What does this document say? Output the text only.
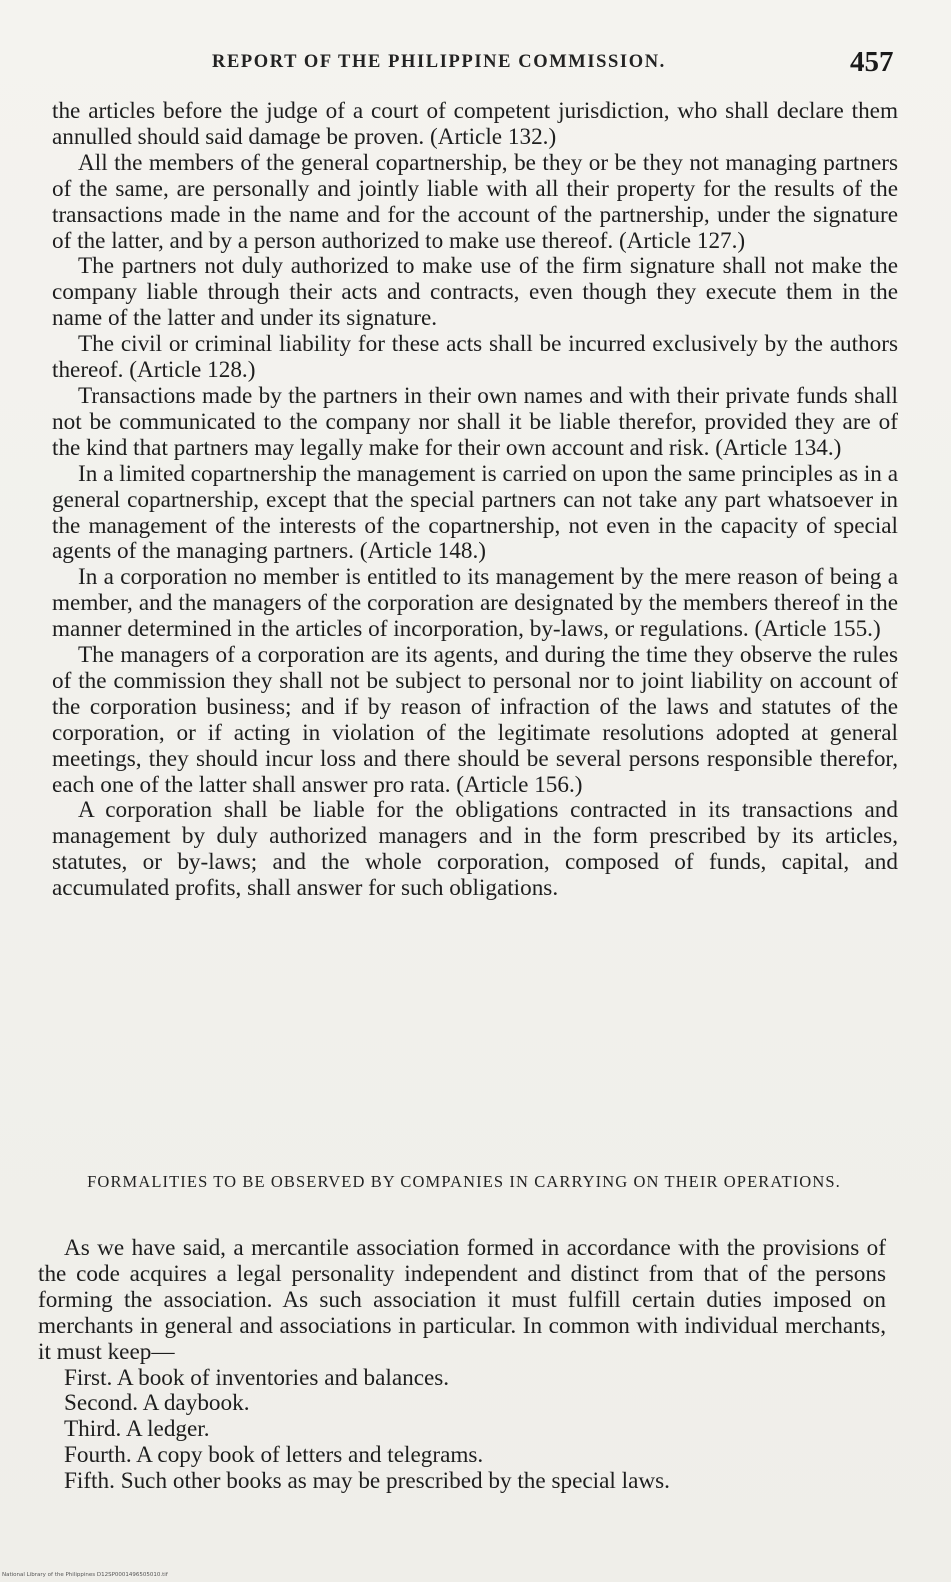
REPORT OF THE PHILIPPINE COMMISSION.	457

the articles before the judge of a court of competent jurisdiction, who shall declare them annulled should said damage be proven. (Article 132.)

All the members of the general copartnership, be they or be they not managing partners of the same, are personally and jointly liable with all their property for the results of the transactions made in the name and for the account of the partnership, under the signature of the latter, and by a person authorized to make use thereof. (Article 127.)

The partners not duly authorized to make use of the firm signature shall not make the company liable through their acts and contracts, even though they execute them in the name of the latter and under its signature.

The civil or criminal liability for these acts shall be incurred exclusively by the authors thereof. (Article 128.)

Transactions made by the partners in their own names and with their private funds shall not be communicated to the company nor shall it be liable therefor, provided they are of the kind that partners may legally make for their own account and risk. (Article 134.)

In a limited copartnership the management is carried on upon the same principles as in a general copartnership, except that the special partners can not take any part whatsoever in the management of the interests of the copartnership, not even in the capacity of special agents of the managing partners. (Article 148.)

In a corporation no member is entitled to its management by the mere reason of being a member, and the managers of the corporation are designated by the members thereof in the manner determined in the articles of incorporation, by-laws, or regulations. (Article 155.)

The managers of a corporation are its agents, and during the time they observe the rules of the commission they shall not be subject to personal nor to joint liability on account of the corporation business; and if by reason of infraction of the laws and statutes of the corporation, or if acting in violation of the legitimate resolutions adopted at general meetings, they should incur loss and there should be several persons responsible therefor, each one of the latter shall answer pro rata. (Article 156.)

A corporation shall be liable for the obligations contracted in its transactions and management by duly authorized managers and in the form prescribed by its articles, statutes, or by-laws; and the whole corporation, composed of funds, capital, and accumulated profits, shall answer for such obligations.

FORMALITIES TO BE OBSERVED BY COMPANIES IN CARRYING ON THEIR OPERATIONS.

As we have said, a mercantile association formed in accordance with the provisions of the code acquires a legal personality independent and distinct from that of the persons forming the association. As such association it must fulfill certain duties imposed on merchants in general and associations in particular. In common with individual merchants, it must keep—

First. A book of inventories and balances.
Second. A daybook.
Third. A ledger.
Fourth. A copy book of letters and telegrams.
Fifth. Such other books as may be prescribed by the special laws.
National Library of the Philippines D12SP0001496505010.tif
